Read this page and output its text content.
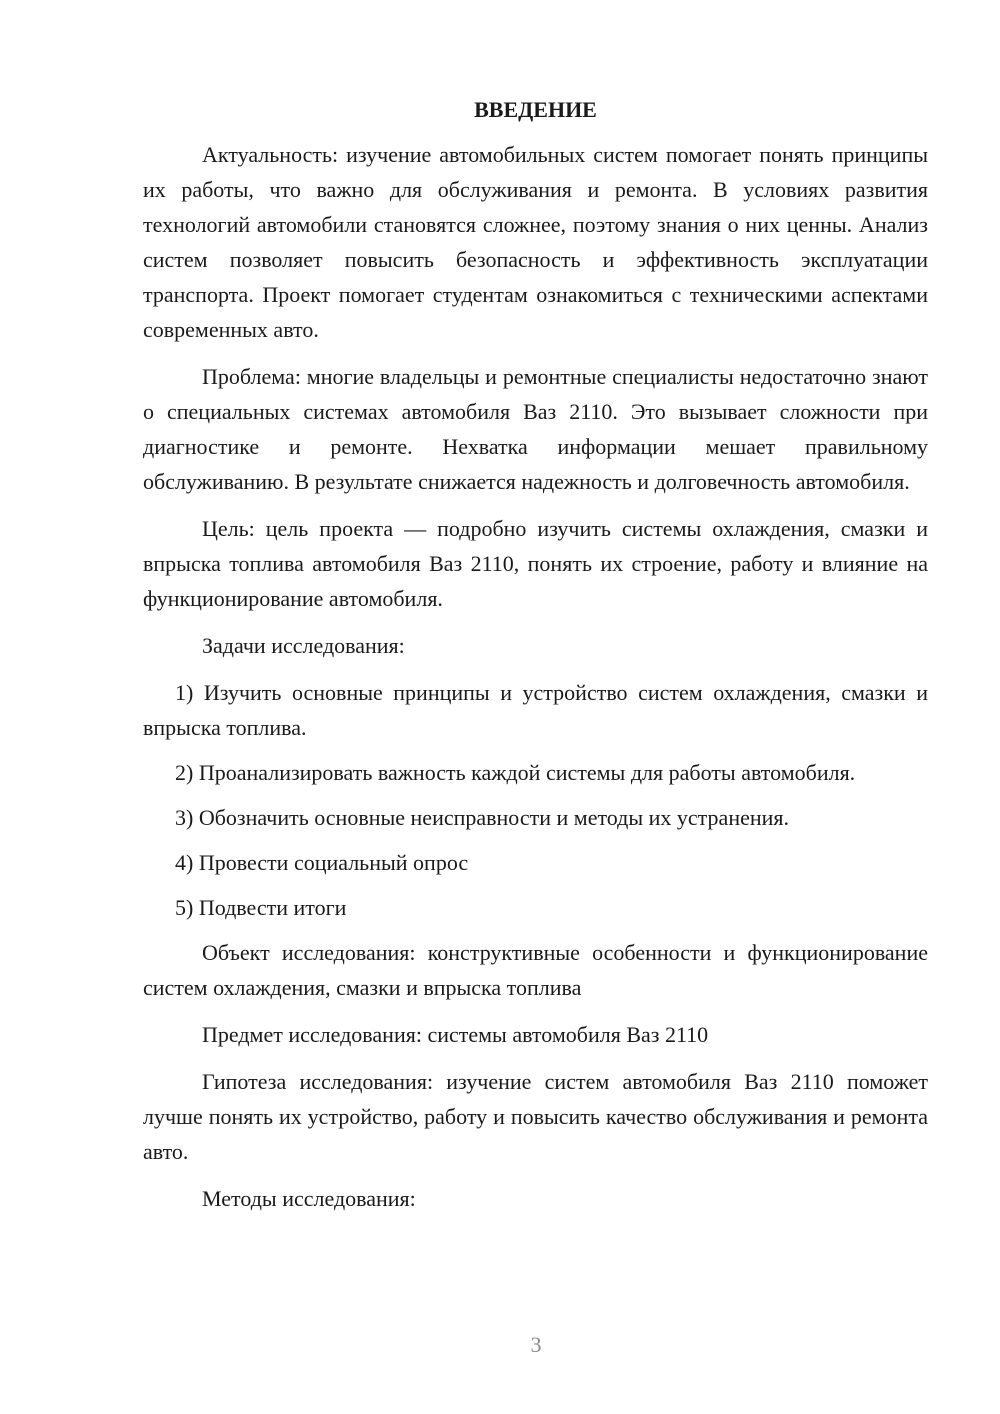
ВВЕДЕНИЕ

Актуальность: изучение автомобильных систем помогает понять принципы их работы, что важно для обслуживания и ремонта. В условиях развития технологий автомобили становятся сложнее, поэтому знания о них ценны. Анализ систем позволяет повысить безопасность и эффективность эксплуатации транспорта. Проект помогает студентам ознакомиться с техническими аспектами современных авто.

Проблема: многие владельцы и ремонтные специалисты недостаточно знают о специальных системах автомобиля Ваз 2110. Это вызывает сложности при диагностике и ремонте. Нехватка информации мешает правильному обслуживанию. В результате снижается надежность и долговечность автомобиля.

Цель: цель проекта — подробно изучить системы охлаждения, смазки и впрыска топлива автомобиля Ваз 2110, понять их строение, работу и влияние на функционирование автомобиля.

Задачи исследования:

1) Изучить основные принципы и устройство систем охлаждения, смазки и впрыска топлива.

2) Проанализировать важность каждой системы для работы автомобиля.

3) Обозначить основные неисправности и методы их устранения.

4) Провести социальный опрос

5) Подвести итоги

Объект исследования: конструктивные особенности и функционирование систем охлаждения, смазки и впрыска топлива

Предмет исследования: системы автомобиля Ваз 2110

Гипотеза исследования: изучение систем автомобиля Ваз 2110 поможет лучше понять их устройство, работу и повысить качество обслуживания и ремонта авто.

Методы исследования:

3
